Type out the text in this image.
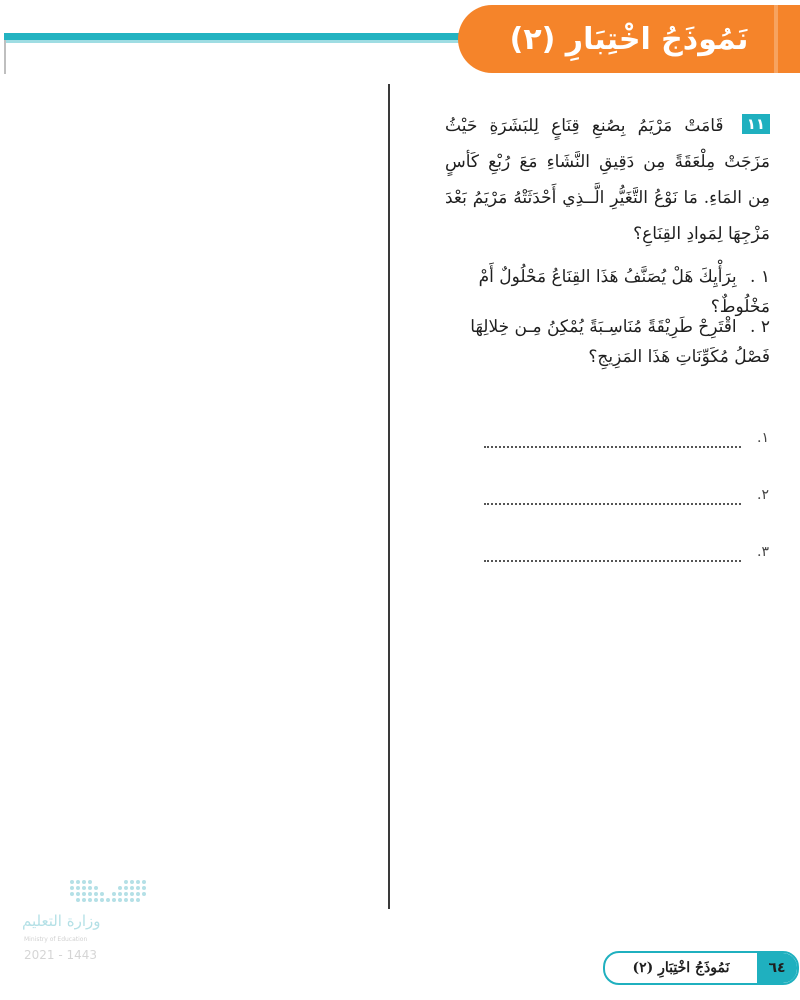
نَمُوذَجُ اخْتِبَارِ (٢)
١١ قَامَتْ مَرْيَمُ بِصُنعِ قِنَاعٍ لِلبَشَرَةِ حَيْثُ مَزَجَتْ مِلْعَقَةً مِن دَقِيقِ النَّشَاءِ مَعَ رُبْعِ كَأسٍ مِن المَاءِ. مَا نَوْعُ التَّغَيُّرِ الَّــذِي أَحْدَثَتْهُ مَرْيَمُ بَعْدَ مَزْجِهَا لِمَوادِ القِنَاعِ؟
١ . بِرَأْيِكَ هَلْ يُصَنَّفُ هَذَا القِنَاعُ مَحْلُولٌ أَمْ مَخْلُوطٌ؟
٢ . اقْتَرِحْ طَرِيْقَةً مُنَاسِـبَةً يُمْكِنُ مِـن خِلالِهَا فَصْلُ مُكَوِّنَاتِ هَذَا المَزِيجِ؟
١.
٢.
٣.
وزارة التعليم
Ministry of Education
2021 - 1443
٦٤
نَمُوذَجُ اخْتِبَارِ (٢)
